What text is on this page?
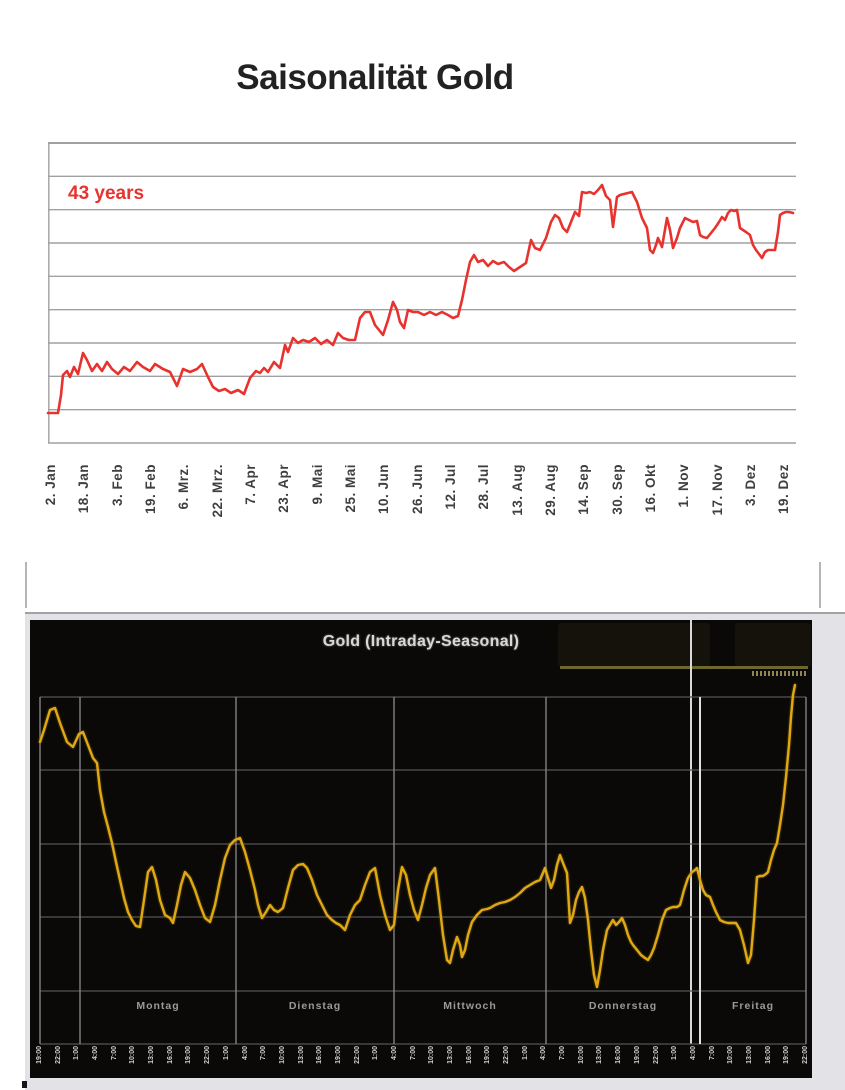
Saisonalität Gold
43 years
2. Jan 18. Jan 3. Feb 19. Feb 6. Mrz. 22. Mrz. 7. Apr 23. Apr 9. Mai 25. Mai 10. Jun 26. Jun 12. Jul 28. Jul 13. Aug 29. Aug 14. Sep 30. Sep 16. Okt 1. Nov 17. Nov 3. Dez 19. Dez
Gold (Intraday-Seasonal)
Montag	Dienstag	Mittwoch	Donnerstag	Freitag
19:00 22:00 1:00 4:00 7:00 10:00 13:00 16:00 19:00 22:00 1:00 4:00 7:00 10:00 13:00 16:00 19:00 22:00 1:00 4:00 7:00 10:00 13:00 16:00 19:00 22:00 1:00 4:00 7:00 10:00 13:00 16:00 19:00 22:00 1:00 4:00 7:00 10:00 13:00 16:00 19:00 22:00
